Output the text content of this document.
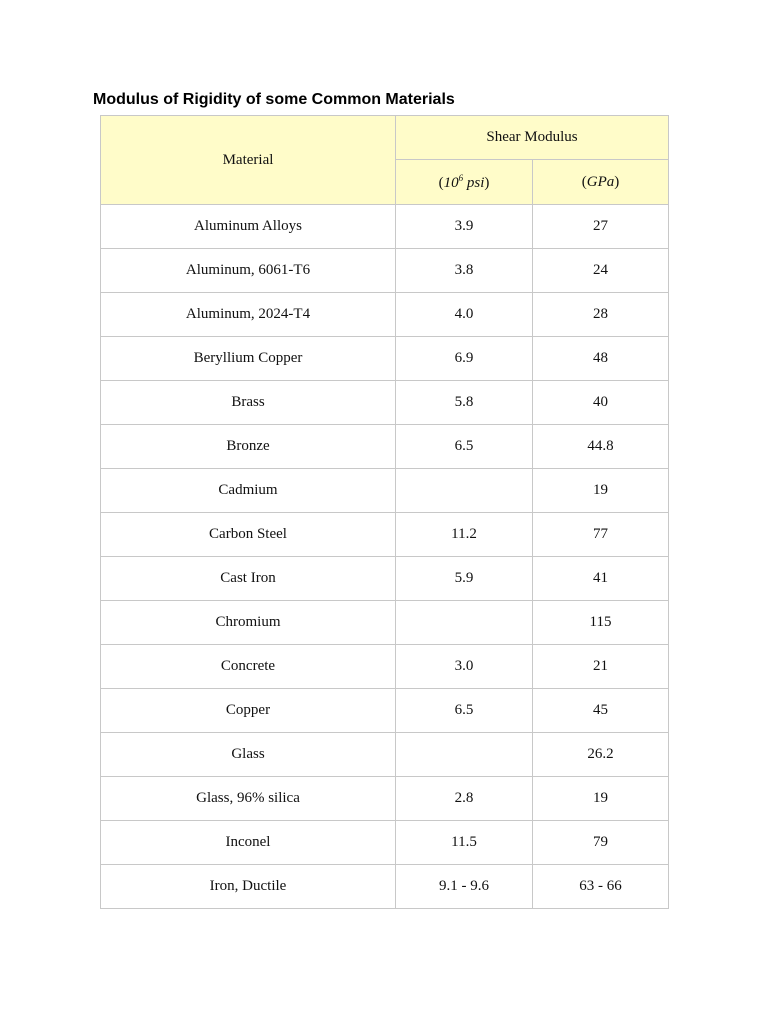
Modulus of Rigidity of some Common Materials
Material	Shear Modulus	
	($10^6$ psi)	(GPa)
Aluminum Alloys	3.9	27
Aluminum, 6061-T6	3.8	24
Aluminum, 2024-T4	4.0	28
Beryllium Copper	6.9	48
Brass	5.8	40
Bronze	6.5	44.8
Cadmium		19
Carbon Steel	11.2	77
Cast Iron	5.9	41
Chromium		115
Concrete	3.0	21
Copper	6.5	45
Glass		26.2
Glass, 96% silica	2.8	19
Inconel	11.5	79
Iron, Ductile	9.1 - 9.6	63 - 66
